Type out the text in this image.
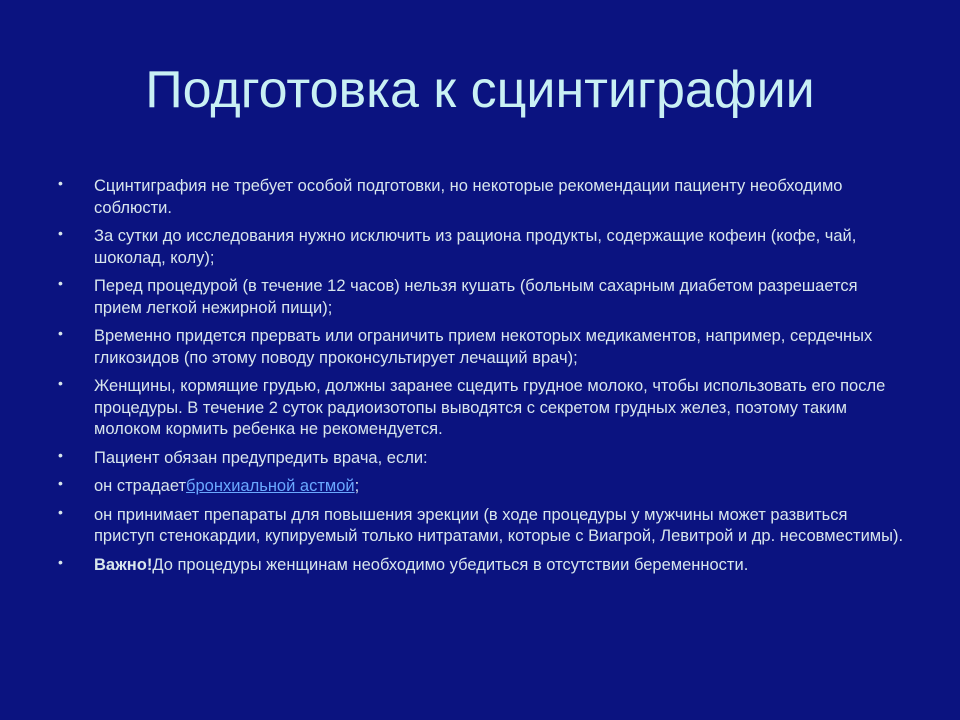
Подготовка к сцинтиграфии
• Сцинтиграфия не требует особой подготовки, но некоторые рекомендации пациенту необходимо соблюсти.
• За сутки до исследования нужно исключить из рациона продукты, содержащие кофеин (кофе, чай, шоколад, колу);
• Перед процедурой (в течение 12 часов) нельзя кушать (больным сахарным диабетом разрешается прием легкой нежирной пищи);
• Временно придется прервать или ограничить прием некоторых медикаментов, например, сердечных гликозидов (по этому поводу проконсультирует лечащий врач);
• Женщины, кормящие грудью, должны заранее сцедить грудное молоко, чтобы использовать его после процедуры. В течение 2 суток радиоизотопы выводятся с секретом грудных желез, поэтому таким молоком кормить ребенка не рекомендуется.
• Пациент обязан предупредить врача, если:
• он страдаетбронхиальной астмой;
• он принимает препараты для повышения эрекции (в ходе процедуры у мужчины может развиться приступ стенокардии, купируемый только нитратами, которые с Виагрой, Левитрой и др. несовместимы).
• Важно!До процедуры женщинам необходимо убедиться в отсутствии беременности.
